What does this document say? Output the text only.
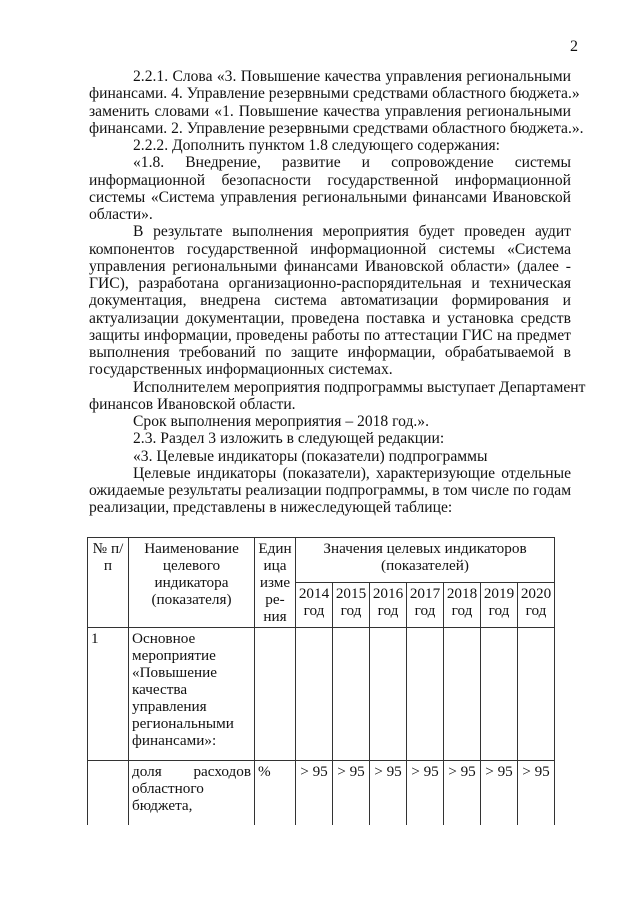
2
2.2.1. Слова «3. Повышение качества управления региональными
финансами. 4. Управление резервными средствами областного бюджета.»
заменить словами «1. Повышение качества управления региональными
финансами. 2. Управление резервными средствами областного бюджета.».
2.2.2. Дополнить пунктом 1.8 следующего содержания:
«1.8. Внедрение, развитие и сопровождение системы
информационной безопасности государственной информационной
системы «Система управления региональными финансами Ивановской
области».
В результате выполнения мероприятия будет проведен аудит
компонентов государственной информационной системы «Система
управления региональными финансами Ивановской области» (далее -
ГИС), разработана организационно-распорядительная и техническая
документация, внедрена система автоматизации формирования и
актуализации документации, проведена поставка и установка средств
защиты информации, проведены работы по аттестации ГИС на предмет
выполнения требований по защите информации, обрабатываемой в
государственных информационных системах.
Исполнителем мероприятия подпрограммы выступает Департамент
финансов Ивановской области.
Срок выполнения мероприятия – 2018 год.».
2.3. Раздел 3 изложить в следующей редакции:
«3. Целевые индикаторы (показатели) подпрограммы
Целевые индикаторы (показатели), характеризующие отдельные
ожидаемые результаты реализации подпрограммы, в том числе по годам
реализации, представлены в нижеследующей таблице:
№ п/п	Наименование целевого индикатора (показателя)	Един ица изме ре- ния	Значения целевых индикаторов (показателей)						
			2014 год	2015 год	2016 год	2017 год	2018 год	2019 год	2020 год
1	Основное мероприятие «Повышение качества управления региональными финансами»:								
	доля расходов областного бюджета,	%	> 95	> 95	> 95	> 95	> 95	> 95	> 95
